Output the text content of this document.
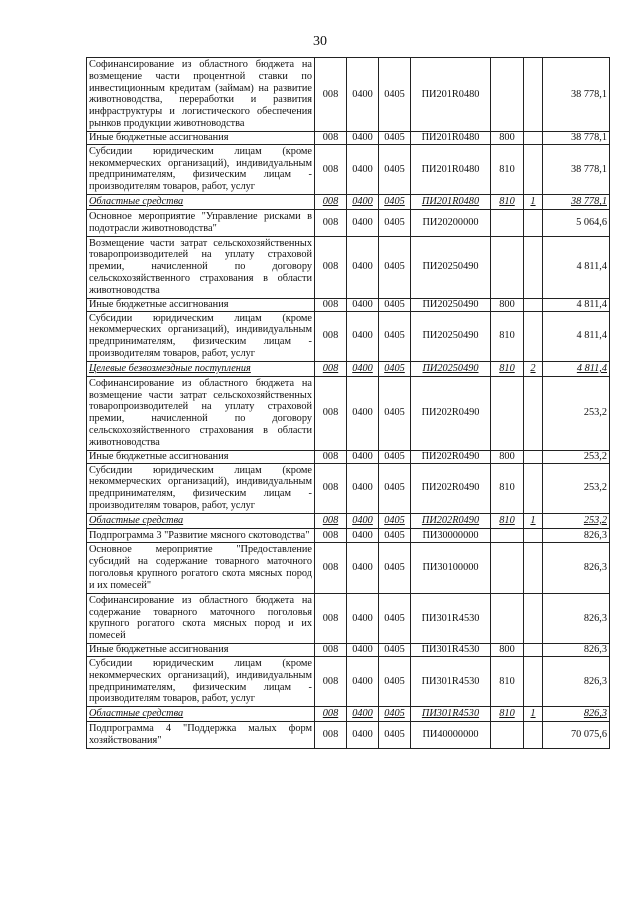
30
Софинансирование из областного бюджета на возмещение части процентной ставки по инвестиционным кредитам (займам) на развитие животноводства, переработки и развития инфраструктуры и логистического обеспечения рынков продукции животноводства	008	0400	0405	ПИ201R0480			38 778,1
Иные бюджетные ассигнования	008	0400	0405	ПИ201R0480	800		38 778,1
Субсидии юридическим лицам (кроме некоммерческих организаций), индивидуальным предпринимателям, физическим лицам - производителям товаров, работ, услуг	008	0400	0405	ПИ201R0480	810		38 778,1
Областные средства	008	0400	0405	ПИ201R0480	810	1	38 778,1
Основное мероприятие "Управление рисками в подотрасли животноводства"	008	0400	0405	ПИ20200000			5 064,6
Возмещение части затрат сельскохозяйственных товаропроизводителей на уплату страховой премии, начисленной по договору сельскохозяйственного страхования в области животноводства	008	0400	0405	ПИ20250490			4 811,4
Иные бюджетные ассигнования	008	0400	0405	ПИ20250490	800		4 811,4
Субсидии юридическим лицам (кроме некоммерческих организаций), индивидуальным предпринимателям, физическим лицам - производителям товаров, работ, услуг	008	0400	0405	ПИ20250490	810		4 811,4
Целевые безвозмездные поступления	008	0400	0405	ПИ20250490	810	2	4 811,4
Софинансирование из областного бюджета на возмещение части затрат сельскохозяйственных товаропроизводителей на уплату страховой премии, начисленной по договору сельскохозяйственного страхования в области животноводства	008	0400	0405	ПИ202R0490			253,2
Иные бюджетные ассигнования	008	0400	0405	ПИ202R0490	800		253,2
Субсидии юридическим лицам (кроме некоммерческих организаций), индивидуальным предпринимателям, физическим лицам - производителям товаров, работ, услуг	008	0400	0405	ПИ202R0490	810		253,2
Областные средства	008	0400	0405	ПИ202R0490	810	1	253,2
Подпрограмма 3 "Развитие мясного скотоводства"	008	0400	0405	ПИ30000000			826,3
Основное мероприятие "Предоставление субсидий на содержание товарного маточного поголовья крупного рогатого скота мясных пород и их помесей"	008	0400	0405	ПИ30100000			826,3
Софинансирование из областного бюджета на содержание товарного маточного поголовья крупного рогатого скота мясных пород и их помесей	008	0400	0405	ПИ301R4530			826,3
Иные бюджетные ассигнования	008	0400	0405	ПИ301R4530	800		826,3
Субсидии юридическим лицам (кроме некоммерческих организаций), индивидуальным предпринимателям, физическим лицам - производителям товаров, работ, услуг	008	0400	0405	ПИ301R4530	810		826,3
Областные средства	008	0400	0405	ПИ301R4530	810	1	826,3
Подпрограмма 4 "Поддержка малых форм хозяйствования"	008	0400	0405	ПИ40000000			70 075,6
